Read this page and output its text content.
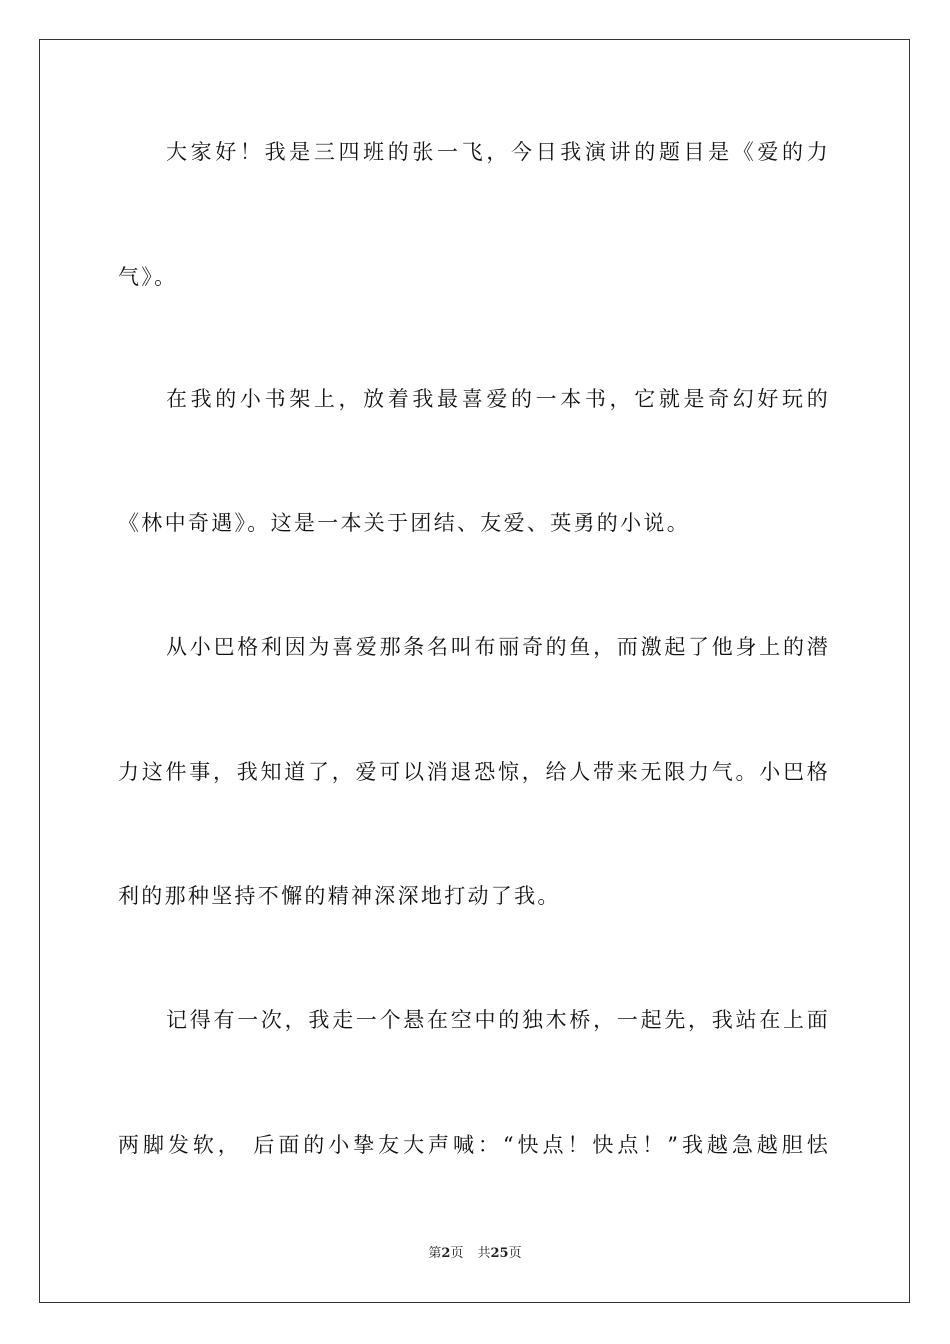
大家好！我是三四班的张一飞，今日我演讲的题目是《爱的力
气》。
在我的小书架上，放着我最喜爱的一本书，它就是奇幻好玩的
《林中奇遇》。这是一本关于团结、友爱、英勇的小说。
从小巴格利因为喜爱那条名叫布丽奇的鱼，而激起了他身上的潜
力这件事，我知道了，爱可以消退恐惊，给人带来无限力气。小巴格
利的那种坚持不懈的精神深深地打动了我。
记得有一次，我走一个悬在空中的独木桥，一起先，我站在上面
两脚发软， 后面的小挚友大声喊：“快点！快点！”我越急越胆怯
第2页 共25页
